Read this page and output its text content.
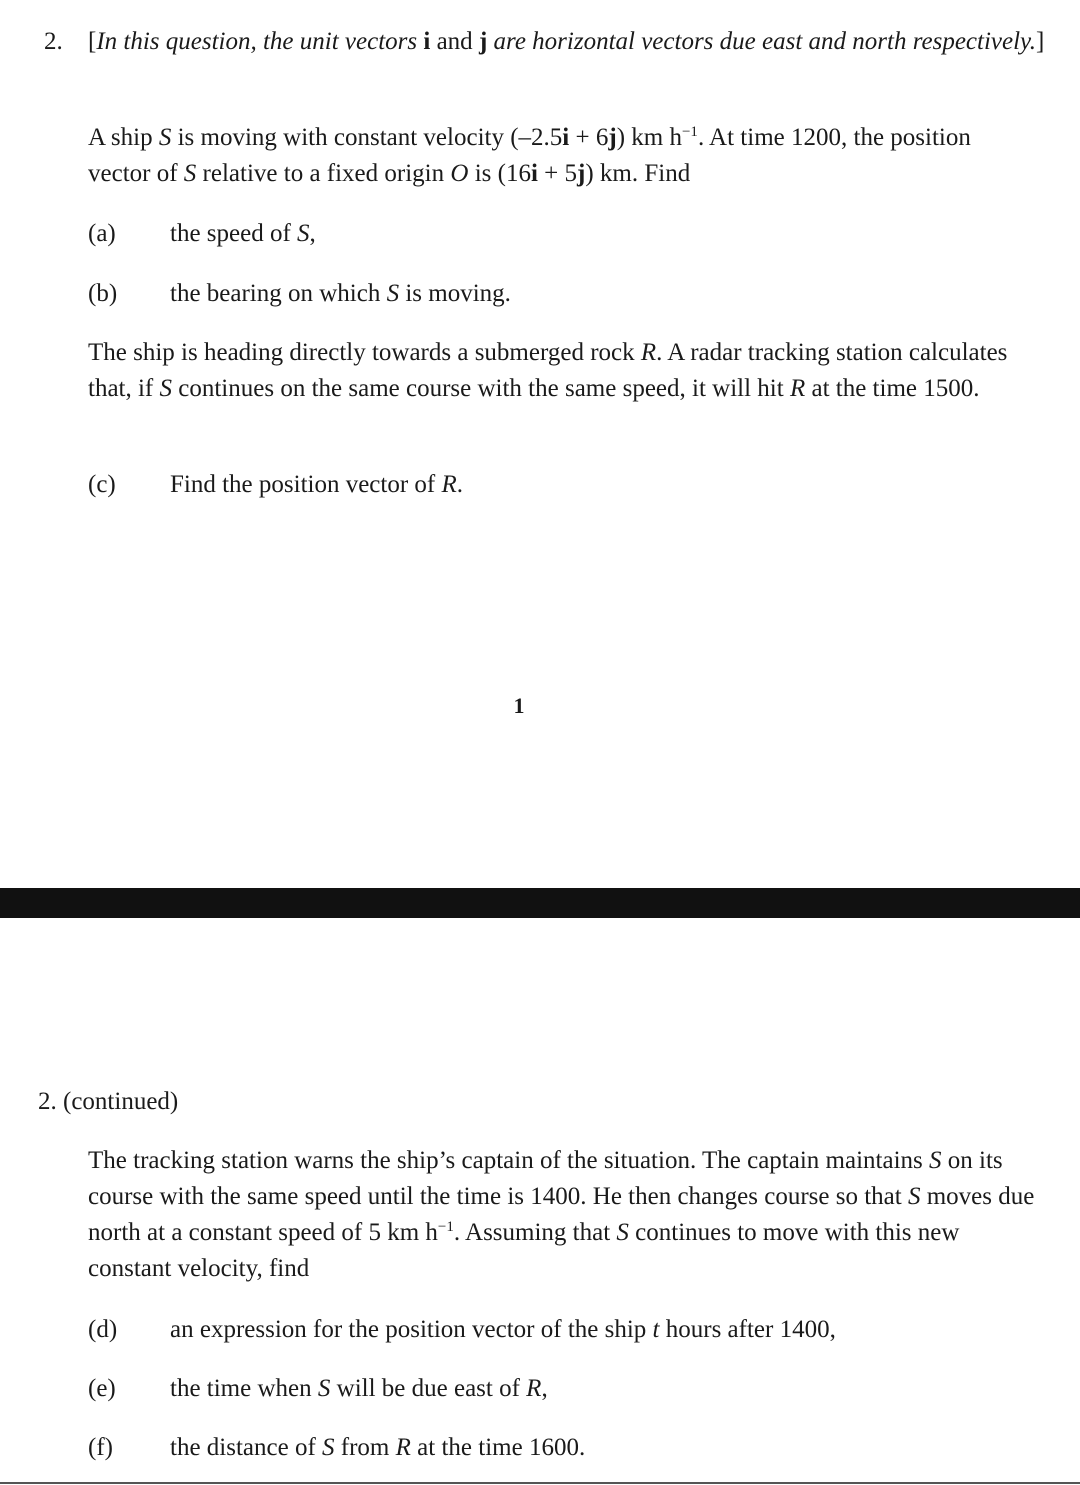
2. [In this question, the unit vectors i and j are horizontal vectors due east and north respectively.]

A ship S is moving with constant velocity (–2.5i + 6j) km $h^{-1}$. At time 1200, the position vector of S relative to a fixed origin O is (16i + 5j) km. Find

(a) the speed of S,
(b) the bearing on which S is moving.

The ship is heading directly towards a submerged rock R. A radar tracking station calculates that, if S continues on the same course with the same speed, it will hit R at the time 1500.

(c) Find the position vector of R.
1
2. (continued)

The tracking station warns the ship’s captain of the situation. The captain maintains S on its course with the same speed until the time is 1400. He then changes course so that S moves due north at a constant speed of 5 km $h^{-1}$. Assuming that S continues to move with this new constant velocity, find

(d) an expression for the position vector of the ship t hours after 1400,
(e) the time when S will be due east of R,
(f) the distance of S from R at the time 1600.
